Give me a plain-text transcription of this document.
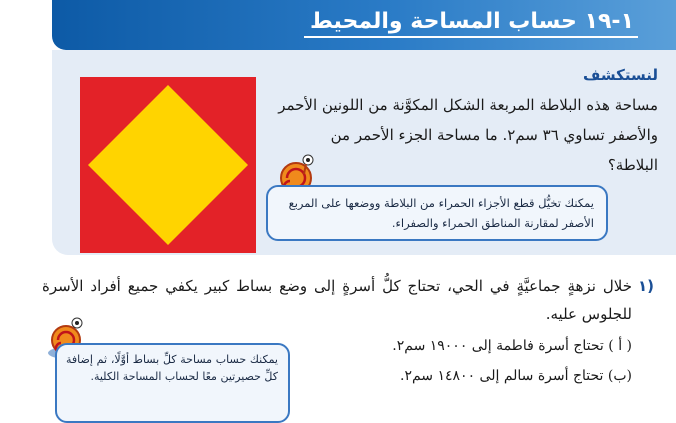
١-١٩ حساب المساحة والمحيط
لنستكشف
مساحة هذه البلاطة المربعة الشكل المكوَّنة من اللونين الأحمر والأصفر تساوي ٣٦ سم٢. ما مساحة الجزء الأحمر من البلاطة؟
يمكنك تخيُّل قطع الأجزاء الحمراء من البلاطة ووضعها على المربع الأصفر لمقارنة المناطق الحمراء والصفراء.
١)
خلال نزهةٍ جماعيَّةٍ في الحي، تحتاج كلُّ أسرةٍ إلى وضع بساط كبير يكفي جميع أفراد الأسرة للجلوس عليه.
( أ ) تحتاج أسرة فاطمة إلى ١٩٠٠٠ سم٢.
(ب) تحتاج أسرة سالم إلى ١٤٨٠٠ سم٢.
يمكنك حساب مساحة كلِّ بساط أوَّلًا، ثم إضافة كلِّ حصيرتين معًا لحساب المساحة الكلية.
